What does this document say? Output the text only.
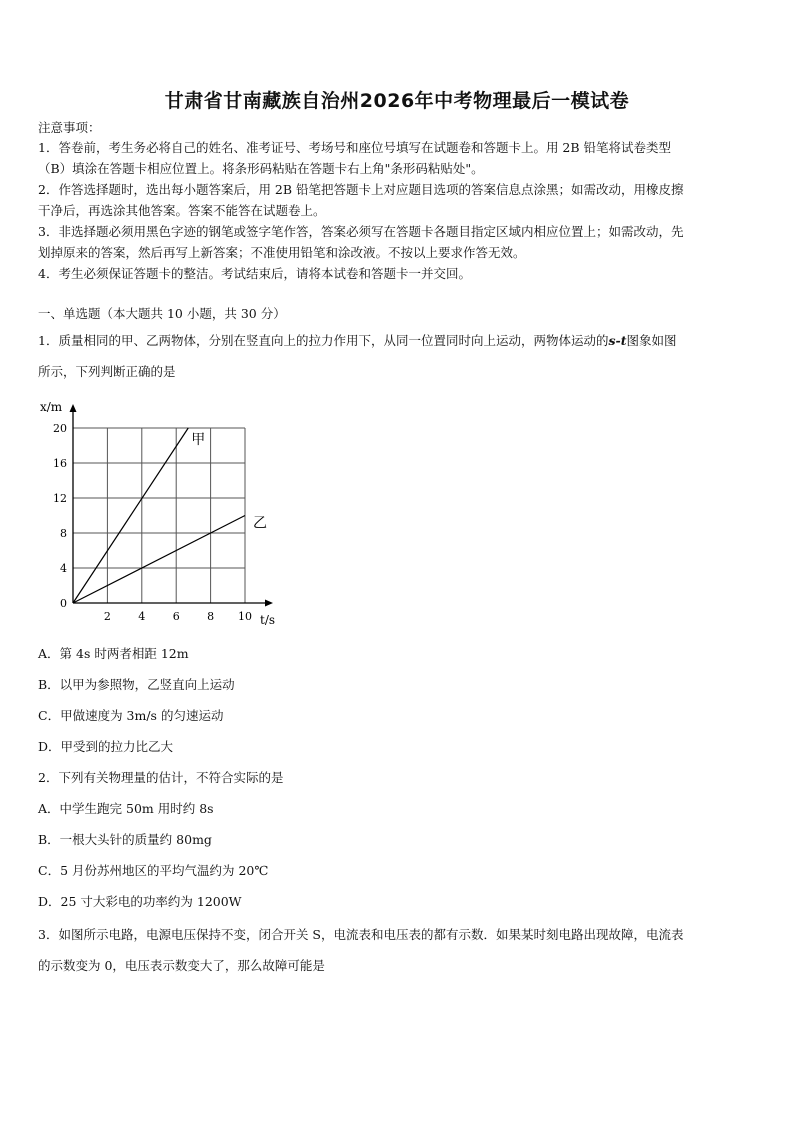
甘肃省甘南藏族自治州2026年中考物理最后一模试卷
注意事项：
1．答卷前，考生务必将自己的姓名、准考证号、考场号和座位号填写在试题卷和答题卡上。用 2B 铅笔将试卷类型
（B）填涂在答题卡相应位置上。将条形码粘贴在答题卡右上角"条形码粘贴处"。
2．作答选择题时，选出每小题答案后，用 2B 铅笔把答题卡上对应题目选项的答案信息点涂黑；如需改动，用橡皮擦
干净后，再选涂其他答案。答案不能答在试题卷上。
3．非选择题必须用黑色字迹的钢笔或签字笔作答，答案必须写在答题卡各题目指定区域内相应位置上；如需改动，先
划掉原来的答案，然后再写上新答案；不准使用铅笔和涂改液。不按以上要求作答无效。
4．考生必须保证答题卡的整洁。考试结束后，请将本试卷和答题卡一并交回。
一、单选题（本大题共 10 小题，共 30 分）
1．质量相同的甲、乙两物体，分别在竖直向上的拉力作用下，从同一位置同时向上运动，两物体运动的s-t图象如图
所示，下列判断正确的是
t/s
x/m
2 4 6 8 10
0
4
8
12
16
20
甲
乙
A．第 4s 时两者相距 12m
B．以甲为参照物，乙竖直向上运动
C．甲做速度为 3m/s 的匀速运动
D．甲受到的拉力比乙大
2．下列有关物理量的估计，不符合实际的是
A．中学生跑完 50m 用时约 8s
B．一根大头针的质量约 80mg
C．5 月份苏州地区的平均气温约为 20℃
D．25 寸大彩电的功率约为 1200W
3．如图所示电路，电源电压保持不变，闭合开关 S，电流表和电压表的都有示数．如果某时刻电路出现故障，电流表
的示数变为 0，电压表示数变大了，那么故障可能是
